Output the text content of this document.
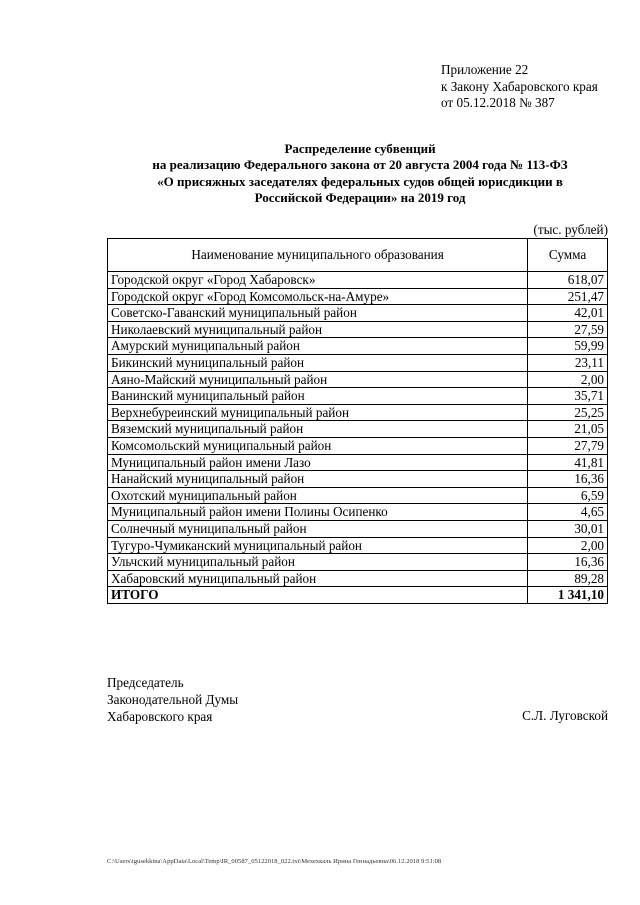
Приложение 22
к Закону Хабаровского края
от 05.12.2018 № 387
Распределение субвенций
на реализацию Федерального закона от 20 августа 2004 года № 113-ФЗ
«О присяжных заседателях федеральных судов общей юрисдикции в
Российской Федерации» на 2019 год
(тыс. рублей)
Наименование муниципального образования	Сумма
Городской округ «Город Хабаровск»	618,07
Городской округ «Город Комсомольск-на-Амуре»	251,47
Советско-Гаванский муниципальный район	42,01
Николаевский муниципальный район	27,59
Амурский муниципальный район	59,99
Бикинский муниципальный район	23,11
Аяно-Майский муниципальный район	2,00
Ванинский муниципальный район	35,71
Верхнебуреинский муниципальный район	25,25
Вяземский муниципальный район	21,05
Комсомольский муниципальный район	27,79
Муниципальный район имени Лазо	41,81
Нанайский муниципальный район	16,36
Охотский муниципальный район	6,59
Муниципальный район имени Полины Осипенко	4,65
Солнечный муниципальный район	30,01
Тугуро-Чумиканский муниципальный район	2,00
Ульчский муниципальный район	16,36
Хабаровский муниципальный район	89,28
ИТОГО	1 341,10
Председатель
Законодательной Думы
Хабаровского края	С.Л. Луговской
C:\Users\igusekkina\AppData\Local\Temp\IR_00587_05122018_022.txt\Мехехкаль Ирина Геннадьевна\06.12.2018 9:51:08
